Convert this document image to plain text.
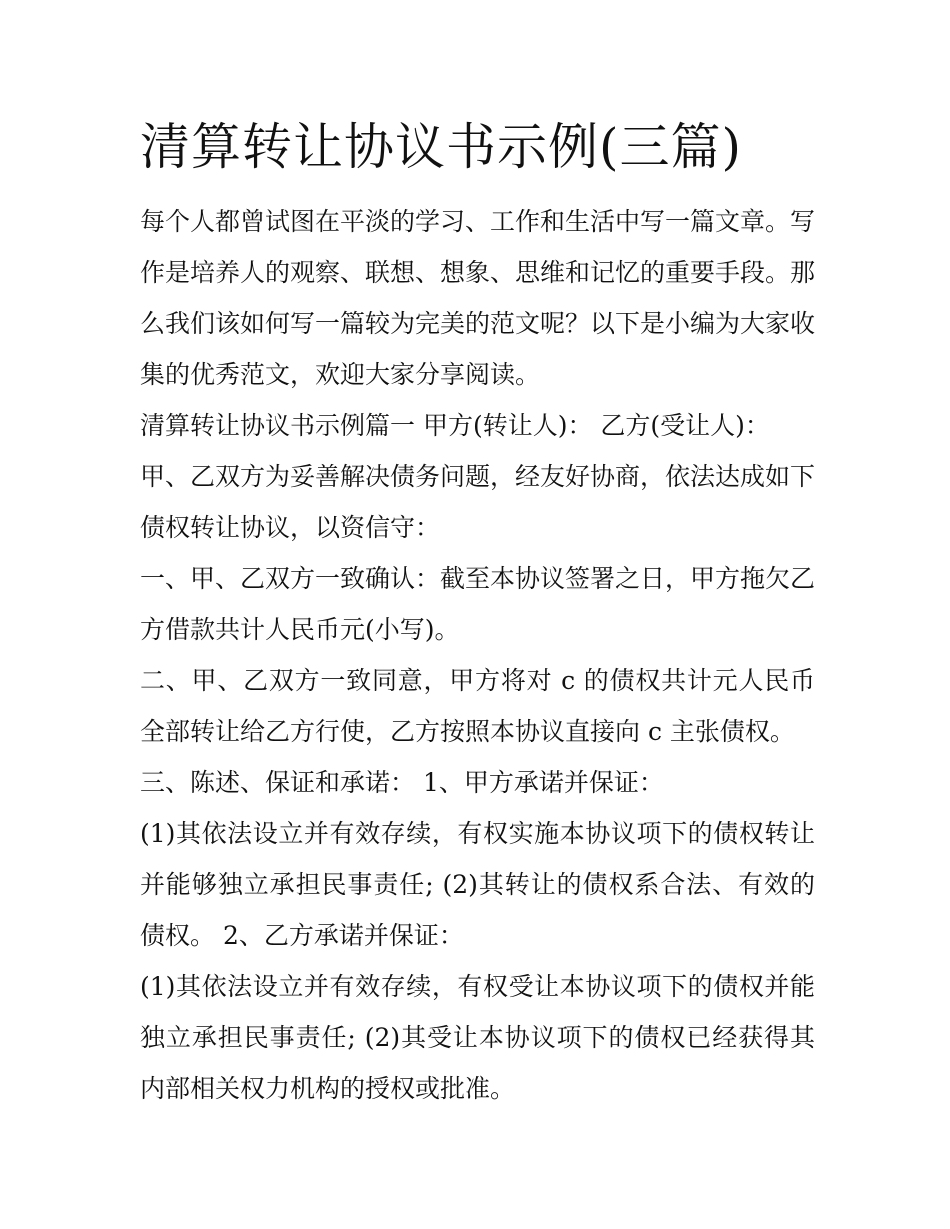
清算转让协议书示例(三篇)

每个人都曾试图在平淡的学习、工作和生活中写一篇文章。写作是培养人的观察、联想、想象、思维和记忆的重要手段。那么我们该如何写一篇较为完美的范文呢？以下是小编为大家收集的优秀范文，欢迎大家分享阅读。

清算转让协议书示例篇一 甲方(转让人)： 乙方(受让人)：

甲、乙双方为妥善解决债务问题，经友好协商，依法达成如下债权转让协议，以资信守：

一、甲、乙双方一致确认：截至本协议签署之日，甲方拖欠乙方借款共计人民币元(小写)。

二、甲、乙双方一致同意，甲方将对 c 的债权共计元人民币全部转让给乙方行使，乙方按照本协议直接向 c 主张债权。

三、陈述、保证和承诺： 1、甲方承诺并保证：

(1)其依法设立并有效存续，有权实施本协议项下的债权转让并能够独立承担民事责任; (2)其转让的债权系合法、有效的债权。 2、乙方承诺并保证：

(1)其依法设立并有效存续，有权受让本协议项下的债权并能独立承担民事责任; (2)其受让本协议项下的债权已经获得其内部相关权力机构的授权或批准。
